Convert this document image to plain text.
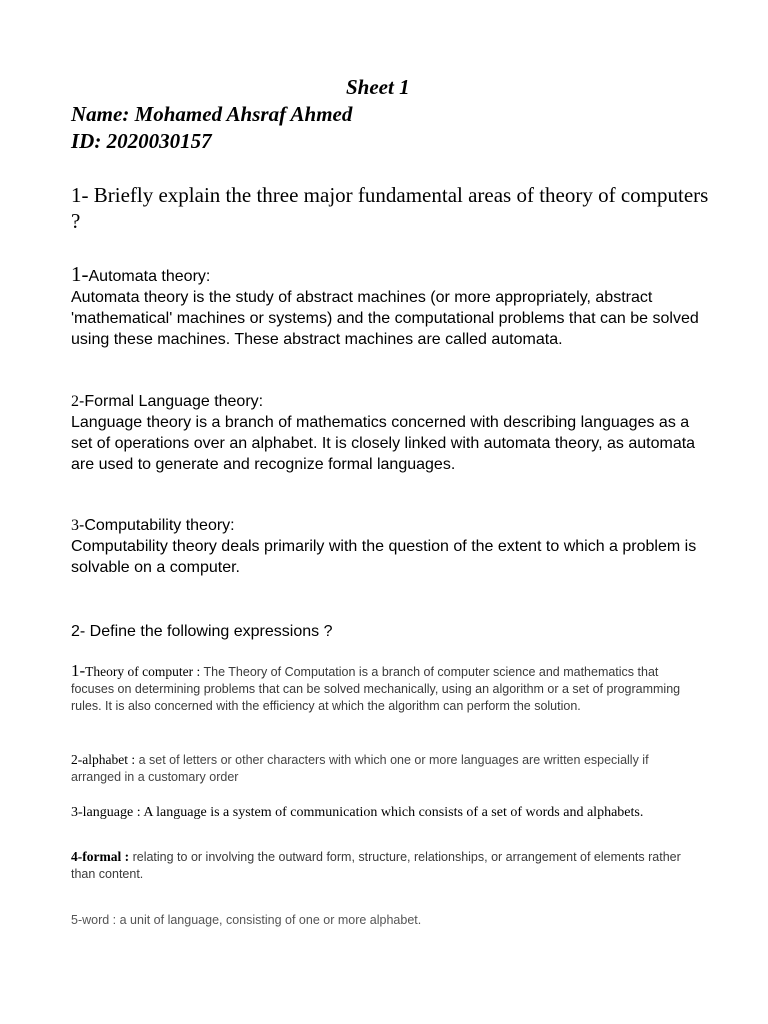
Sheet 1
Name: Mohamed Ahsraf Ahmed
ID: 2020030157
1- Briefly explain the three major fundamental areas of theory of computers ?
1-Automata theory:
Automata theory is the study of abstract machines (or more appropriately, abstract 'mathematical' machines or systems) and the computational problems that can be solved using these machines. These abstract machines are called automata.
2-Formal Language theory:
Language theory is a branch of mathematics concerned with describing languages as a set of operations over an alphabet. It is closely linked with automata theory, as automata are used to generate and recognize formal languages.
3-Computability theory:
Computability theory deals primarily with the question of the extent to which a problem is solvable on a computer.
2- Define the following expressions ?
1-Theory of computer : The Theory of Computation is a branch of computer science and mathematics that focuses on determining problems that can be solved mechanically, using an algorithm or a set of programming rules. It is also concerned with the efficiency at which the algorithm can perform the solution.
2-alphabet : a set of letters or other characters with which one or more languages are written especially if arranged in a customary order
3-language : A language is a system of communication which consists of a set of words and alphabets.
4-formal : relating to or involving the outward form, structure, relationships, or arrangement of elements rather than content.
5-word : a unit of language, consisting of one or more alphabet.
